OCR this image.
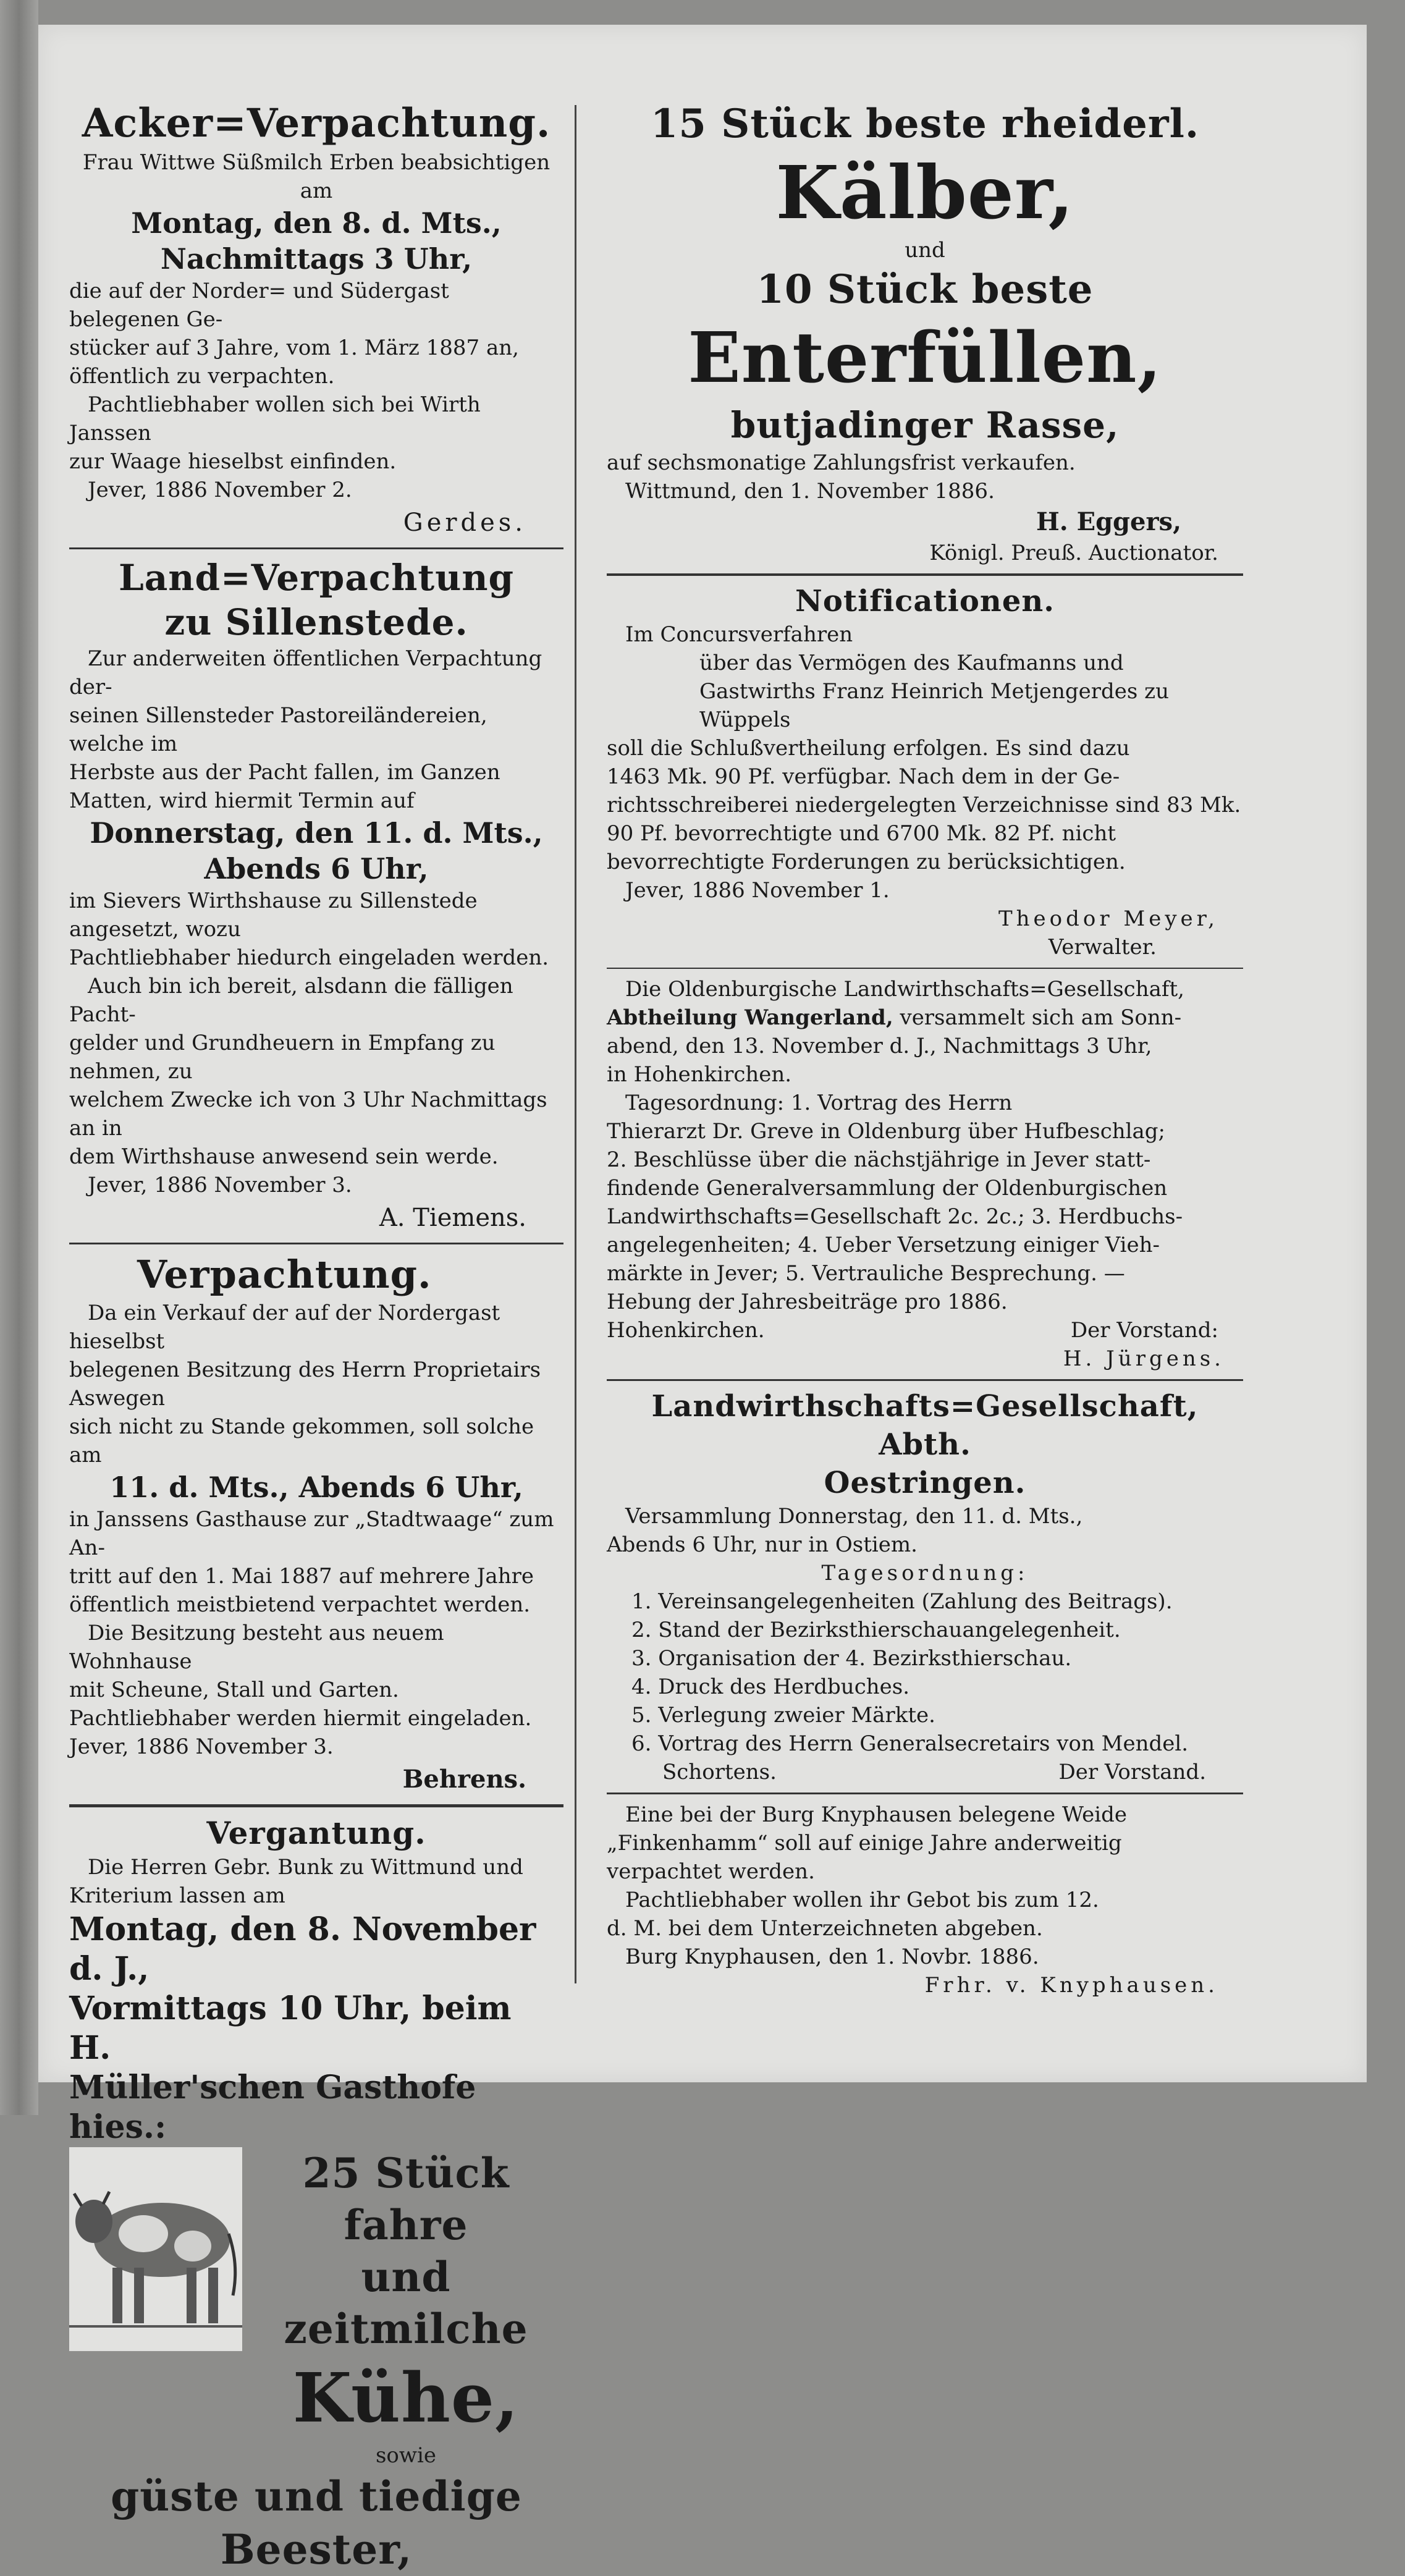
Acker=Verpachtung.

Frau Wittwe Süßmilch Erben beabsichtigen am

Montag, den 8. d. Mts.,

Nachmittags 3 Uhr,

die auf der Norder= und Südergast belegenen Ge-

stücker auf 3 Jahre, vom 1. März 1887 an,

öffentlich zu verpachten.

Pachtliebhaber wollen sich bei Wirth Janssen

zur Waage hieselbst einfinden.

Jever, 1886 November 2.

Gerdes.

Land=Verpachtung

zu Sillenstede.

Zur anderweiten öffentlichen Verpachtung der-

seinen Sillensteder Pastoreiländereien, welche im

Herbste aus der Pacht fallen, im Ganzen

Matten, wird hiermit Termin auf

Donnerstag, den 11. d. Mts.,

Abends 6 Uhr,

im Sievers Wirthshause zu Sillenstede angesetzt, wozu

Pachtliebhaber hiedurch eingeladen werden.

Auch bin ich bereit, alsdann die fälligen Pacht-

gelder und Grundheuern in Empfang zu nehmen, zu

welchem Zwecke ich von 3 Uhr Nachmittags an in

dem Wirthshause anwesend sein werde.

Jever, 1886 November 3.

A. Tiemens.

Verpachtung.

Da ein Verkauf der auf der Nordergast hieselbst

belegenen Besitzung des Herrn Proprietairs Aswegen

sich nicht zu Stande gekommen, soll solche am

11. d. Mts., Abends 6 Uhr,

in Janssens Gasthause zur „Stadtwaage“ zum An-

tritt auf den 1. Mai 1887 auf mehrere Jahre

öffentlich meistbietend verpachtet werden.

Die Besitzung besteht aus neuem Wohnhause

mit Scheune, Stall und Garten.

Pachtliebhaber werden hiermit eingeladen.

Jever, 1886 November 3.

Behrens.

Vergantung.

Die Herren Gebr. Bunk zu Wittmund und

Kriterium lassen am

Montag, den 8. November d. J.,

Vormittags 10 Uhr, beim H.

Müller'schen Gasthofe hies.:

25 Stück fahre

und zeitmilche

Kühe,

sowie

güste und tiedige Beester,

15 Stück beste rheiderl.

Kälber,

und

10 Stück beste

Enterfüllen,

butjadinger Rasse,

auf sechsmonatige Zahlungsfrist verkaufen.

Wittmund, den 1. November 1886.

H. Eggers,

Königl. Preuß. Auctionator.

Notificationen.

Im Concursverfahren

über das Vermögen des Kaufmanns und

Gastwirths Franz Heinrich Metjengerdes zu

Wüppels

soll die Schlußvertheilung erfolgen. Es sind dazu

1463 Mk. 90 Pf. verfügbar. Nach dem in der Ge-

richtsschreiberei niedergelegten Verzeichnisse sind 83 Mk.

90 Pf. bevorrechtigte und 6700 Mk. 82 Pf. nicht

bevorrechtigte Forderungen zu berücksichtigen.

Jever, 1886 November 1.

Theodor Meyer,

Verwalter.

Die Oldenburgische Landwirthschafts=Gesellschaft,

Abtheilung Wangerland, versammelt sich am Sonn-

abend, den 13. November d. J., Nachmittags 3 Uhr,

in Hohenkirchen.

Tagesordnung: 1. Vortrag des Herrn

Thierarzt Dr. Greve in Oldenburg über Hufbeschlag;

2. Beschlüsse über die nächstjährige in Jever statt-

findende Generalversammlung der Oldenburgischen

Landwirthschafts=Gesellschaft 2c. 2c.; 3. Herdbuchs-

angelegenheiten; 4. Ueber Versetzung einiger Vieh-

märkte in Jever; 5. Vertrauliche Besprechung. —

Hebung der Jahresbeiträge pro 1886.

Hohenkirchen.	Der Vorstand:

H. Jürgens.

Landwirthschafts=Gesellschaft, Abth.

Oestringen.

Versammlung Donnerstag, den 11. d. Mts.,

Abends 6 Uhr, nur in Ostiem.

Tagesordnung:

1. Vereinsangelegenheiten (Zahlung des Beitrags).

2. Stand der Bezirksthierschauangelegenheit.

3. Organisation der 4. Bezirksthierschau.

4. Druck des Herdbuches.

5. Verlegung zweier Märkte.

6. Vortrag des Herrn Generalsecretairs von Mendel.

Schortens.	Der Vorstand.

Eine bei der Burg Knyphausen belegene Weide

„Finkenhamm“ soll auf einige Jahre anderweitig

verpachtet werden.

Pachtliebhaber wollen ihr Gebot bis zum 12.

d. M. bei dem Unterzeichneten abgeben.

Burg Knyphausen, den 1. Novbr. 1886.

Frhr. v. Knyphausen.
